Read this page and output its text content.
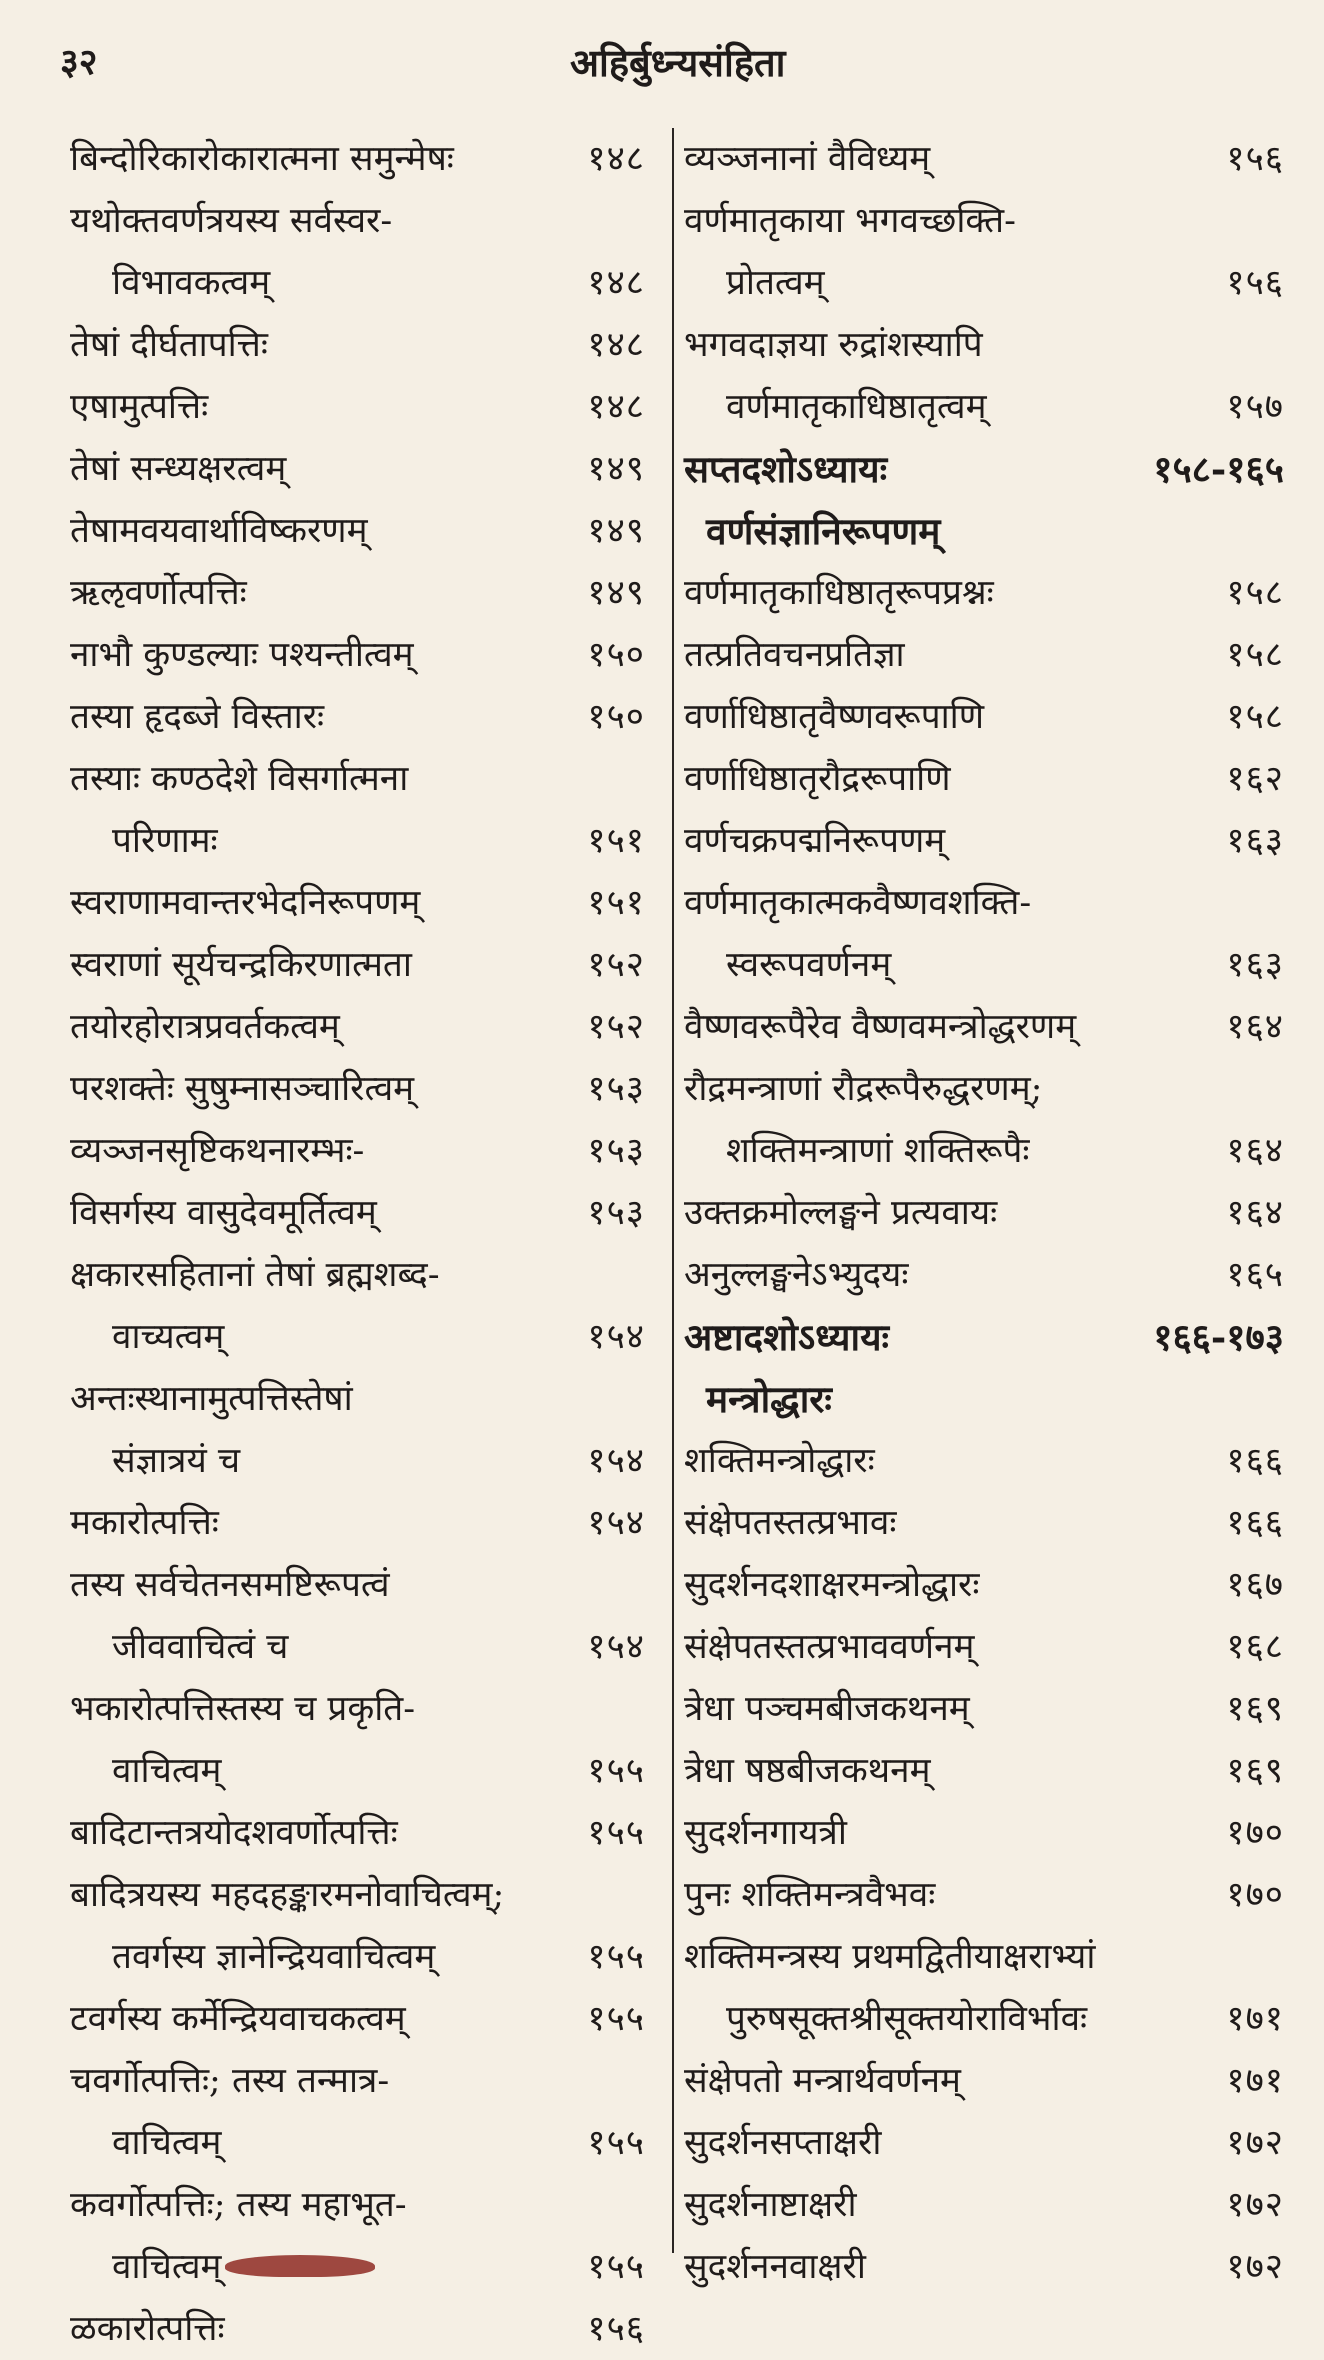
३२	अहिर्बुध्न्यसंहिता
बिन्दोरिकारोकारात्मना समुन्मेषः	१४८
यथोक्तवर्णत्रयस्य सर्वस्वर-
विभावकत्वम्	१४८
तेषां दीर्घतापत्तिः	१४८
एषामुत्पत्तिः	१४८
तेषां सन्ध्यक्षरत्वम्	१४९
तेषामवयवार्थाविष्करणम्	१४९
ऋऌवर्णोत्पत्तिः	१४९
नाभौ कुण्डल्याः पश्यन्तीत्वम्	१५०
तस्या हृदब्जे विस्तारः	१५०
तस्याः कण्ठदेशे विसर्गात्मना
परिणामः	१५१
स्वराणामवान्तरभेदनिरूपणम्	१५१
स्वराणां सूर्यचन्द्रकिरणात्मता	१५२
तयोरहोरात्रप्रवर्तकत्वम्	१५२
परशक्तेः सुषुम्नासञ्चारित्वम्	१५३
व्यञ्जनसृष्टिकथनारम्भः-	१५३
विसर्गस्य वासुदेवमूर्तित्वम्	१५३
क्षकारसहितानां तेषां ब्रह्मशब्द-
वाच्यत्वम्	१५४
अन्तःस्थानामुत्पत्तिस्तेषां
संज्ञात्रयं च	१५४
मकारोत्पत्तिः	१५४
तस्य सर्वचेतनसमष्टिरूपत्वं
जीववाचित्वं च	१५४
भकारोत्पत्तिस्तस्य च प्रकृति-
वाचित्वम्	१५५
बादिटान्तत्रयोदशवर्णोत्पत्तिः	१५५
बादित्रयस्य महदहङ्कारमनोवाचित्वम्;
तवर्गस्य ज्ञानेन्द्रियवाचित्वम्	१५५
टवर्गस्य कर्मेन्द्रियवाचकत्वम्	१५५
चवर्गोत्पत्तिः; तस्य तन्मात्र-
वाचित्वम्	१५५
कवर्गोत्पत्तिः; तस्य महाभूत-
वाचित्वम्	१५५
ळकारोत्पत्तिः	१५६
व्यञ्जनानां वैविध्यम्	१५६
वर्णमातृकाया भगवच्छक्ति-
प्रोतत्वम्	१५६
भगवदाज्ञया रुद्रांशस्यापि
वर्णमातृकाधिष्ठातृत्वम्	१५७
सप्तदशोऽध्यायः	१५८-१६५
वर्णसंज्ञानिरूपणम्
वर्णमातृकाधिष्ठातृरूपप्रश्नः	१५८
तत्प्रतिवचनप्रतिज्ञा	१५८
वर्णाधिष्ठातृवैष्णवरूपाणि	१५८
वर्णाधिष्ठातृरौद्ररूपाणि	१६२
वर्णचक्रपद्मनिरूपणम्	१६३
वर्णमातृकात्मकवैष्णवशक्ति-
स्वरूपवर्णनम्	१६३
वैष्णवरूपैरेव वैष्णवमन्त्रोद्धरणम्	१६४
रौद्रमन्त्राणां रौद्ररूपैरुद्धरणम्;
शक्तिमन्त्राणां शक्तिरूपैः	१६४
उक्तक्रमोल्लङ्घने प्रत्यवायः	१६४
अनुल्लङ्घनेऽभ्युदयः	१६५
अष्टादशोऽध्यायः	१६६-१७३
मन्त्रोद्धारः
शक्तिमन्त्रोद्धारः	१६६
संक्षेपतस्तत्प्रभावः	१६६
सुदर्शनदशाक्षरमन्त्रोद्धारः	१६७
संक्षेपतस्तत्प्रभाववर्णनम्	१६८
त्रेधा पञ्चमबीजकथनम्	१६९
त्रेधा षष्ठबीजकथनम्	१६९
सुदर्शनगायत्री	१७०
पुनः शक्तिमन्त्रवैभवः	१७०
शक्तिमन्त्रस्य प्रथमद्वितीयाक्षराभ्यां
पुरुषसूक्तश्रीसूक्तयोराविर्भावः	१७१
संक्षेपतो मन्त्रार्थवर्णनम्	१७१
सुदर्शनसप्ताक्षरी	१७२
सुदर्शनाष्टाक्षरी	१७२
सुदर्शननवाक्षरी	१७२
